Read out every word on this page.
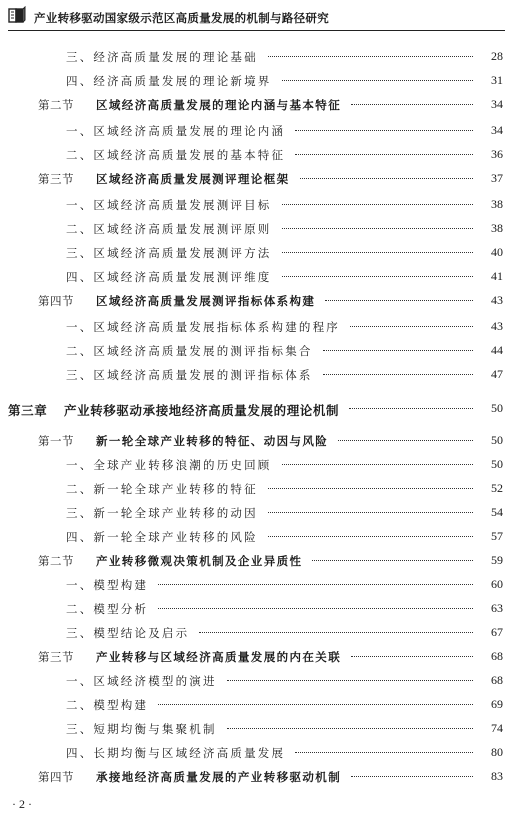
产业转移驱动国家级示范区高质量发展的机制与路径研究
三、经济高质量发展的理论基础	28
四、经济高质量发展的理论新境界	31
第二节 区域经济高质量发展的理论内涵与基本特征	34
一、区域经济高质量发展的理论内涵	34
二、区域经济高质量发展的基本特征	36
第三节 区域经济高质量发展测评理论框架	37
一、区域经济高质量发展测评目标	38
二、区域经济高质量发展测评原则	38
三、区域经济高质量发展测评方法	40
四、区域经济高质量发展测评维度	41
第四节 区域经济高质量发展测评指标体系构建	43
一、区域经济高质量发展指标体系构建的程序	43
二、区域经济高质量发展的测评指标集合	44
三、区域经济高质量发展的测评指标体系	47
第三章 产业转移驱动承接地经济高质量发展的理论机制	50
第一节 新一轮全球产业转移的特征、动因与风险	50
一、全球产业转移浪潮的历史回顾	50
二、新一轮全球产业转移的特征	52
三、新一轮全球产业转移的动因	54
四、新一轮全球产业转移的风险	57
第二节 产业转移微观决策机制及企业异质性	59
一、模型构建	60
二、模型分析	63
三、模型结论及启示	67
第三节 产业转移与区域经济高质量发展的内在关联	68
一、区域经济模型的演进	68
二、模型构建	69
三、短期均衡与集聚机制	74
四、长期均衡与区域经济高质量发展	80
第四节 承接地经济高质量发展的产业转移驱动机制	83
· 2 ·
